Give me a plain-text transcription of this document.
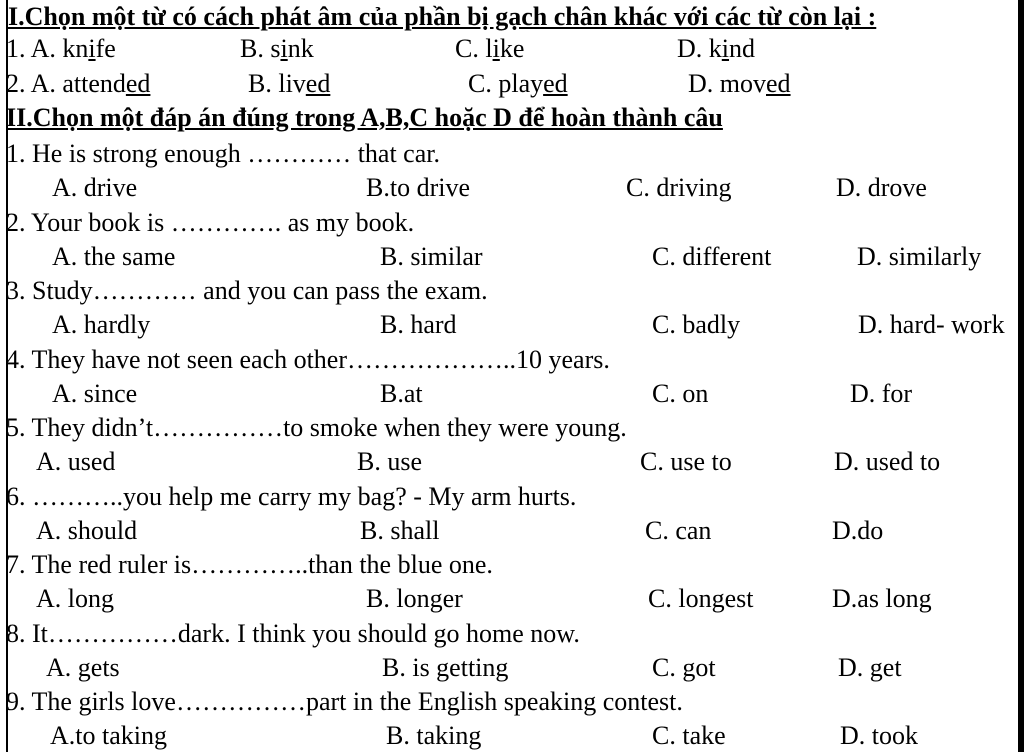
I.Chọn một từ có cách phát âm của phần bị gạch chân khác với các từ còn lại :
1. A. knife	B. sink	C. like	D. kind
2. A. attended	B. lived	C. played	D. moved
II.Chọn một đáp án đúng trong A,B,C hoặc D để hoàn thành câu
1. He is strong enough ………… that car.
A. drive	B.to drive	C. driving	D. drove
2. Your book is …………. as my book.
A. the same	B. similar	C. different	D. similarly
3. Study………… and you can pass the exam.
A. hardly	B. hard	C. badly	D. hard- work
4. They have not seen each other………………..10 years.
A. since	B.at	C. on	D. for
5. They didn’t……………to smoke when they were young.
A. used	B. use	C. use to	D. used to
6. ………..you help me carry my bag? - My arm hurts.
A. should	B. shall	C. can	D.do
7. The red ruler is…………..than the blue one.
A. long	B. longer	C. longest	D.as long
8. It……………dark. I think you should go home now.
A. gets	B. is getting	C. got	D. get
9. The girls love……………part in the English speaking contest.
A.to taking	B. taking	C. take	D. took
